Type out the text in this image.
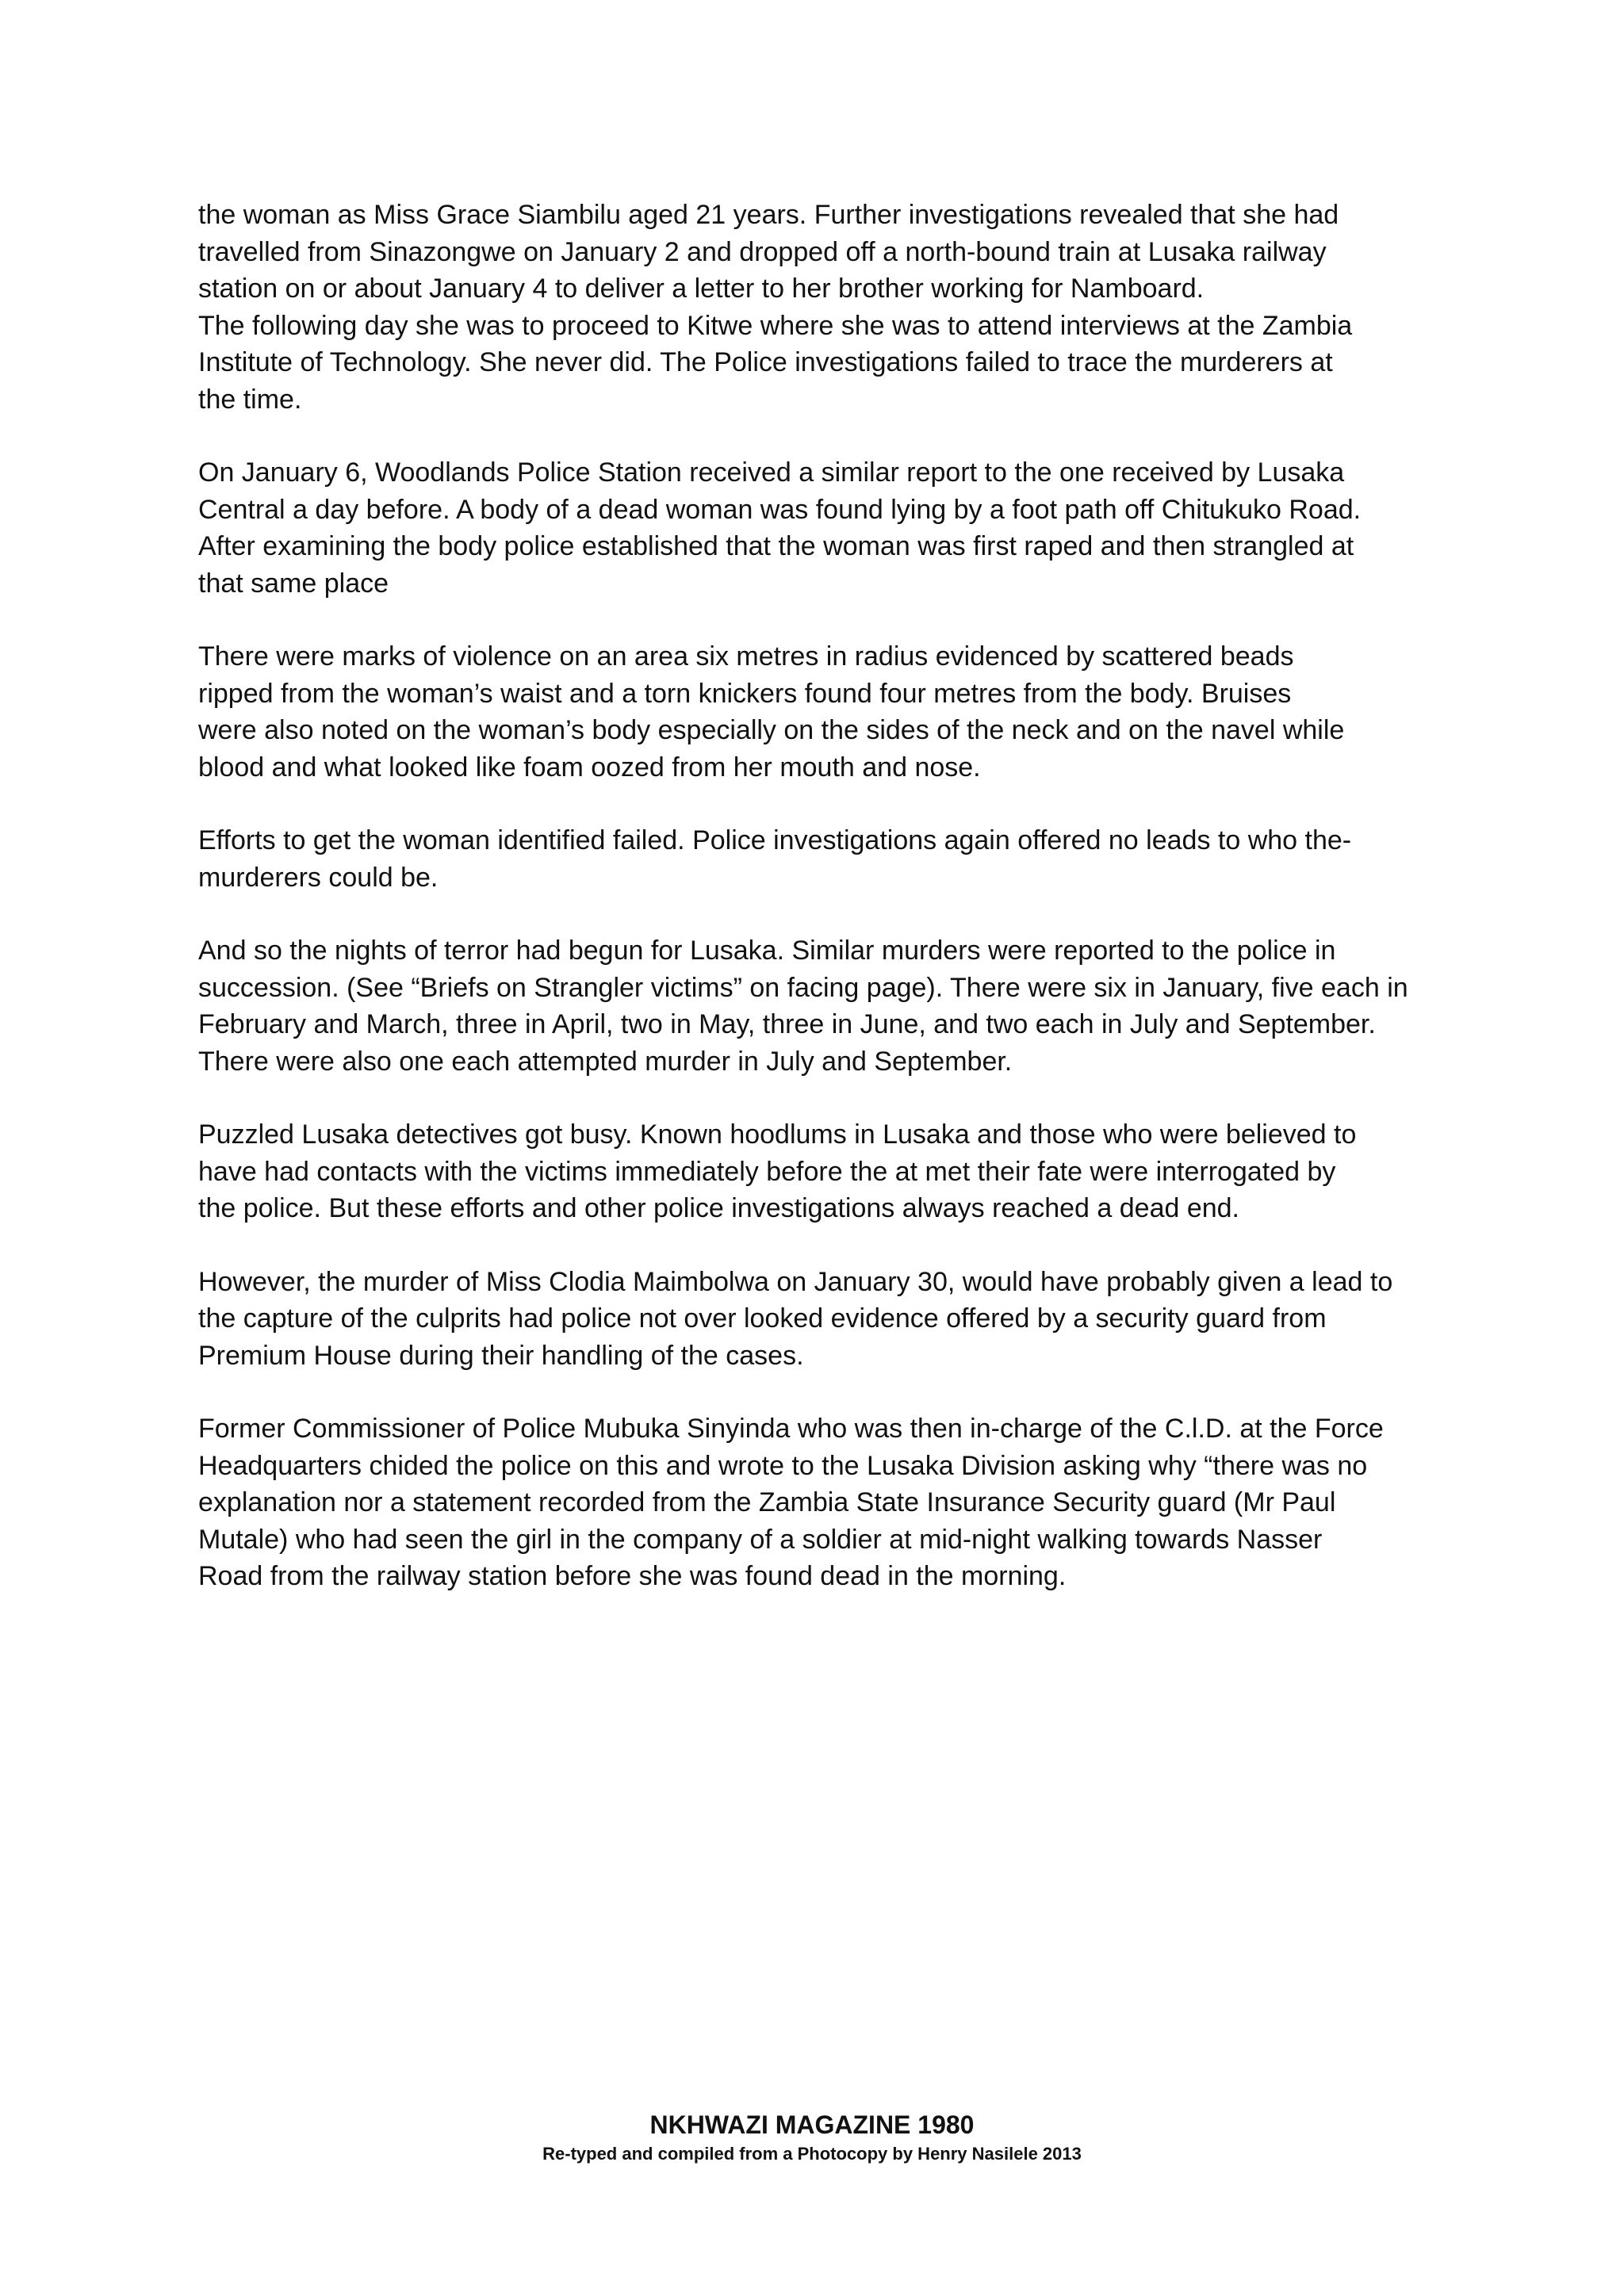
the woman as Miss Grace Siambilu aged 21 years. Further investigations revealed that she had
travelled from Sinazongwe on January 2 and dropped off a north-bound train at Lusaka railway
station on or about January 4 to deliver a letter to her brother working for Namboard.
The following day she was to proceed to Kitwe where she was to attend interviews at the Zambia
Institute of Technology. She never did. The Police investigations failed to trace the murderers at
the time.

On January 6, Woodlands Police Station received a similar report to the one received by Lusaka
Central a day before. A body of a dead woman was found lying by a foot path off Chitukuko Road.
After examining the body police established that the woman was first raped and then strangled at
that same place

There were marks of violence on an area six metres in radius evidenced by scattered beads
ripped from the woman’s waist and a torn knickers found four metres from the body. Bruises
were also noted on the woman’s body especially on the sides of the neck and on the navel while
blood and what looked like foam oozed from her mouth and nose.

Efforts to get the woman identified failed. Police investigations again offered no leads to who the-
murderers could be.

And so the nights of terror had begun for Lusaka. Similar murders were reported to the police in
succession. (See “Briefs on Strangler victims” on facing page). There were six in January, five each in
February and March, three in April, two in May, three in June, and two each in July and September.
There were also one each attempted murder in July and September.

Puzzled Lusaka detectives got busy. Known hoodlums in Lusaka and those who were believed to
have had contacts with the victims immediately before the at met their fate were interrogated by
the police. But these efforts and other police investigations always reached a dead end.

However, the murder of Miss Clodia Maimbolwa on January 30, would have probably given a lead to
the capture of the culprits had police not over looked evidence offered by a security guard from
Premium House during their handling of the cases.

Former Commissioner of Police Mubuka Sinyinda who was then in-charge of the C.l.D. at the Force
Headquarters chided the police on this and wrote to the Lusaka Division asking why “there was no
explanation nor a statement recorded from the Zambia State Insurance Security guard (Mr Paul
Mutale) who had seen the girl in the company of a soldier at mid-night walking towards Nasser
Road from the railway station before she was found dead in the morning.

NKHWAZI MAGAZINE 1980

Re-typed and compiled from a Photocopy by Henry Nasilele 2013
